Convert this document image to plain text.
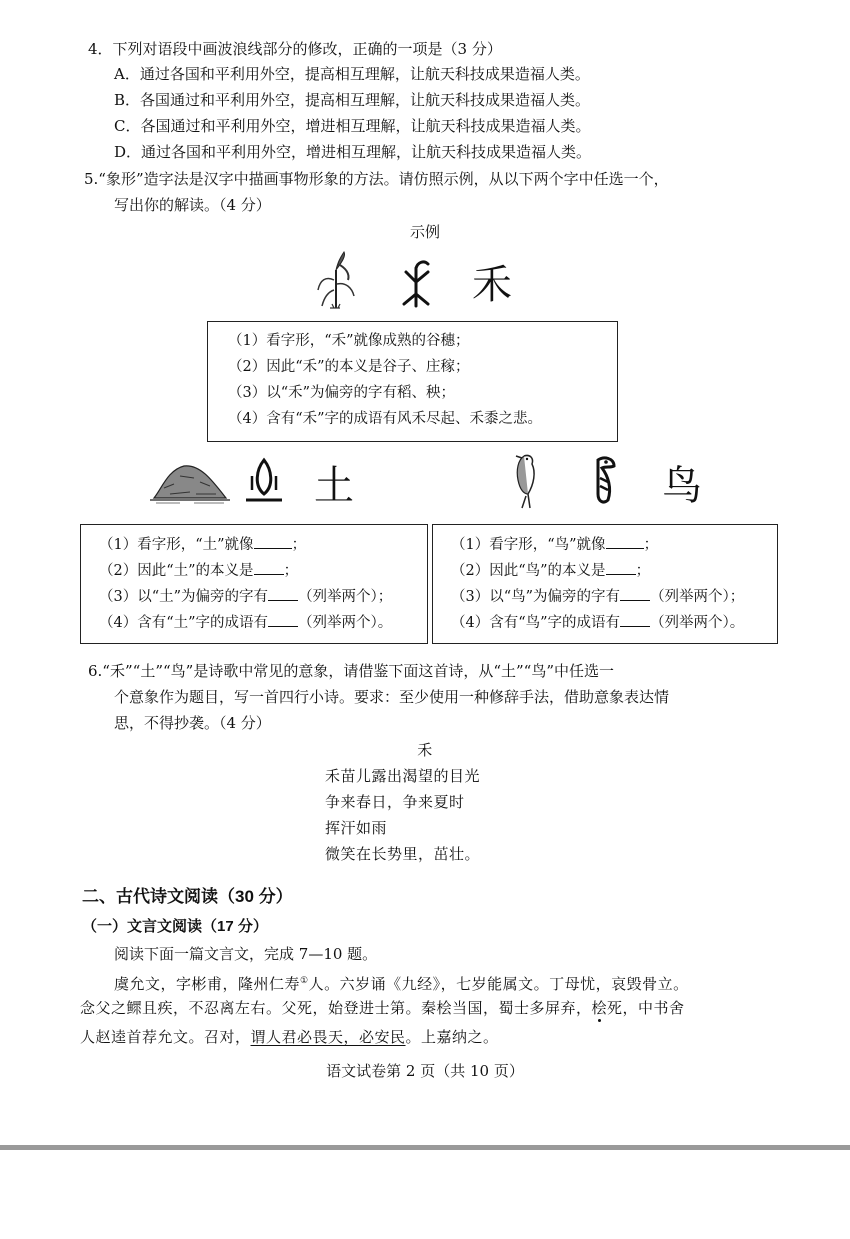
4．下列对语段中画波浪线部分的修改，正确的一项是（3 分）
A．通过各国和平利用外空，提高相互理解，让航天科技成果造福人类。
B．各国通过和平利用外空，提高相互理解，让航天科技成果造福人类。
C．各国通过和平利用外空，增进相互理解，让航天科技成果造福人类。
D．通过各国和平利用外空，增进相互理解，让航天科技成果造福人类。
5.“象形”造字法是汉字中描画事物形象的方法。请仿照示例，从以下两个字中任选一个，
写出你的解读。（4 分）
示例
禾
（1）看字形，“禾”就像成熟的谷穗；
（2）因此“禾”的本义是谷子、庄稼；
（3）以“禾”为偏旁的字有稻、秧；
（4）含有“禾”字的成语有风禾尽起、禾黍之悲。
土	鸟
（1）看字形，“土”就像	；
（2）因此“土”的本义是 ；
（3）以“土”为偏旁的字有 （列举两个）；
（4）含有“土”字的成语有 （列举两个）。
（1）看字形，“鸟”就像	；
（2）因此“鸟”的本义是 ；
（3）以“鸟”为偏旁的字有 （列举两个）；
（4）含有“鸟”字的成语有 （列举两个）。
6.“禾”“土”“鸟”是诗歌中常见的意象，请借鉴下面这首诗，从“土”“鸟”中任选一
个意象作为题目，写一首四行小诗。要求：至少使用一种修辞手法，借助意象表达情
思，不得抄袭。（4 分）
禾
禾苗儿露出渴望的目光
争来春日，争来夏时
挥汗如雨
微笑在长势里，茁壮。
二、古代诗文阅读（30 分）
（一）文言文阅读（17 分）
阅读下面一篇文言文，完成 7—10 题。
虞允文，字彬甫，隆州仁寿①人。六岁诵《九经》，七岁能属文。丁母忧，哀毁骨立。
念父之鳏且疾，不忍离左右。父死，始登进士第。秦桧当国，蜀士多屏弃，桧死，中书舍
人赵逵首荐允文。召对，谓人君必畏天，必安民。上嘉纳之。
语文试卷第 2 页（共 10 页）
